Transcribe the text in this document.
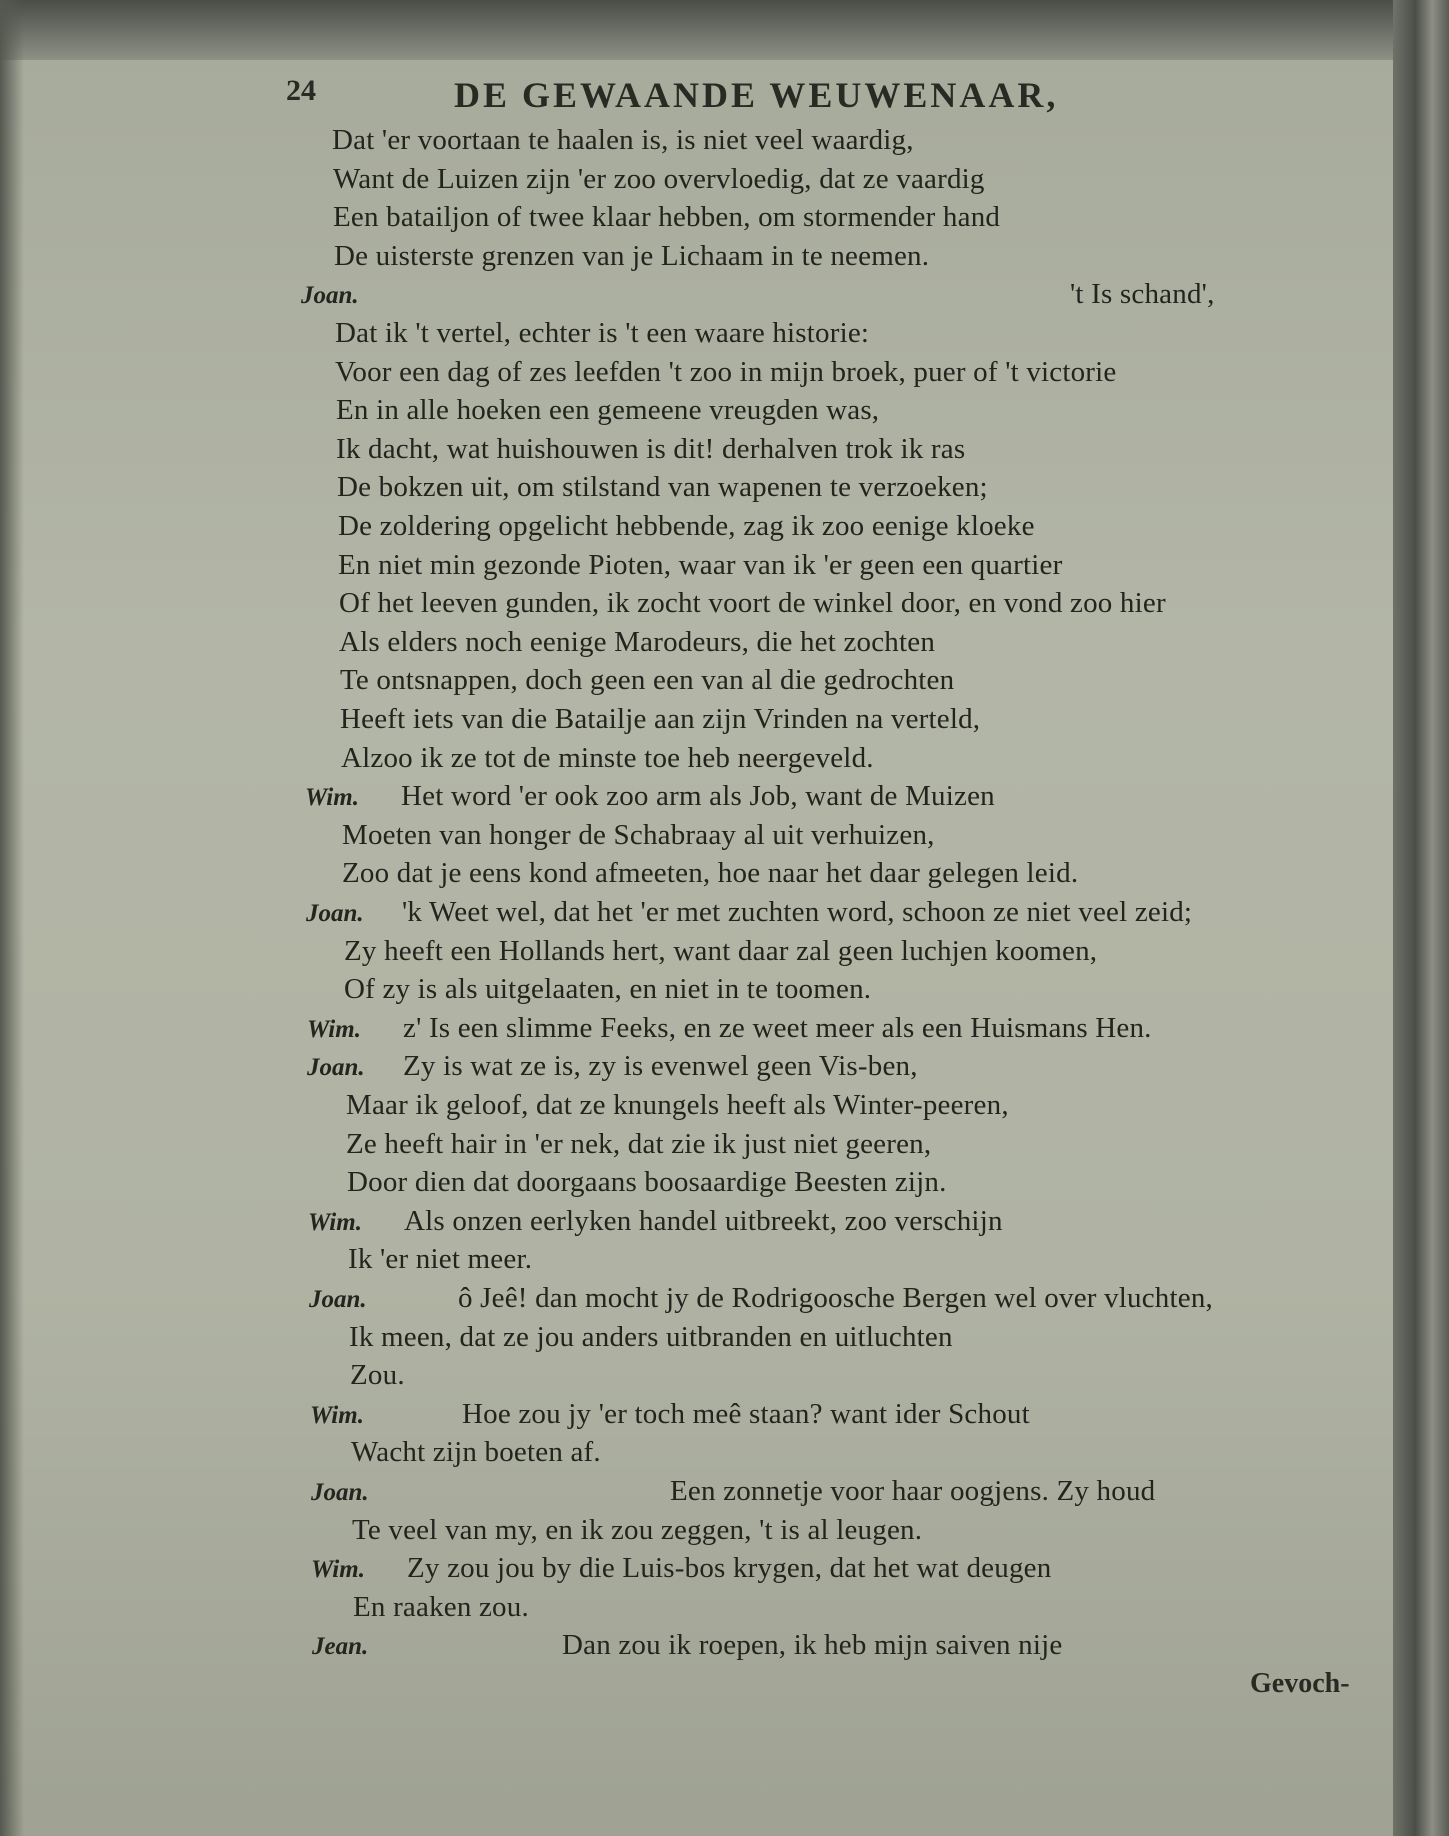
24	DE GEWAANDE WEUWENAAR,
Dat 'er voortaan te haalen is, is niet veel waardig,
Want de Luizen zijn 'er zoo overvloedig, dat ze vaardig
Een batailjon of twee klaar hebben, om stormender hand
De uisterste grenzen van je Lichaam in te neemen.
Joan.	't Is schand',
Dat ik 't vertel, echter is 't een waare historie:
Voor een dag of zes leefden 't zoo in mijn broek, puer of 't victorie
En in alle hoeken een gemeene vreugden was,
Ik dacht, wat huishouwen is dit! derhalven trok ik ras
De bokzen uit, om stilstand van wapenen te verzoeken;
De zoldering opgelicht hebbende, zag ik zoo eenige kloeke
En niet min gezonde Pioten, waar van ik 'er geen een quartier
Of het leeven gunden, ik zocht voort de winkel door, en vond zoo hier
Als elders noch eenige Marodeurs, die het zochten
Te ontsnappen, doch geen een van al die gedrochten
Heeft iets van die Batailje aan zijn Vrinden na verteld,
Alzoo ik ze tot de minste toe heb neergeveld.
Wim. Het word 'er ook zoo arm als Job, want de Muizen
Moeten van honger de Schabraay al uit verhuizen,
Zoo dat je eens kond afmeeten, hoe naar het daar gelegen leid.
Joan. 'k Weet wel, dat het 'er met zuchten word, schoon ze niet veel zeid;
Zy heeft een Hollands hert, want daar zal geen luchjen koomen,
Of zy is als uitgelaaten, en niet in te toomen.
Wim. z' Is een slimme Feeks, en ze weet meer als een Huismans Hen.
Joan. Zy is wat ze is, zy is evenwel geen Vis-ben,
Maar ik geloof, dat ze knungels heeft als Winter-peeren,
Ze heeft hair in 'er nek, dat zie ik just niet geeren,
Door dien dat doorgaans boosaardige Beesten zijn.
Wim. Als onzen eerlyken handel uitbreekt, zoo verschijn
Ik 'er niet meer.
Joan.	ô Jeê! dan mocht jy de Rodrigoosche Bergen wel over vluchten,
Ik meen, dat ze jou anders uitbranden en uitluchten
Zou.
Wim.	Hoe zou jy 'er toch meê staan? want ider Schout
Wacht zijn boeten af.
Joan.	Een zonnetje voor haar oogjens. Zy houd
Te veel van my, en ik zou zeggen, 't is al leugen.
Wim. Zy zou jou by die Luis-bos krygen, dat het wat deugen
En raaken zou.
Jean.	Dan zou ik roepen, ik heb mijn saiven nije
Gevoch-
